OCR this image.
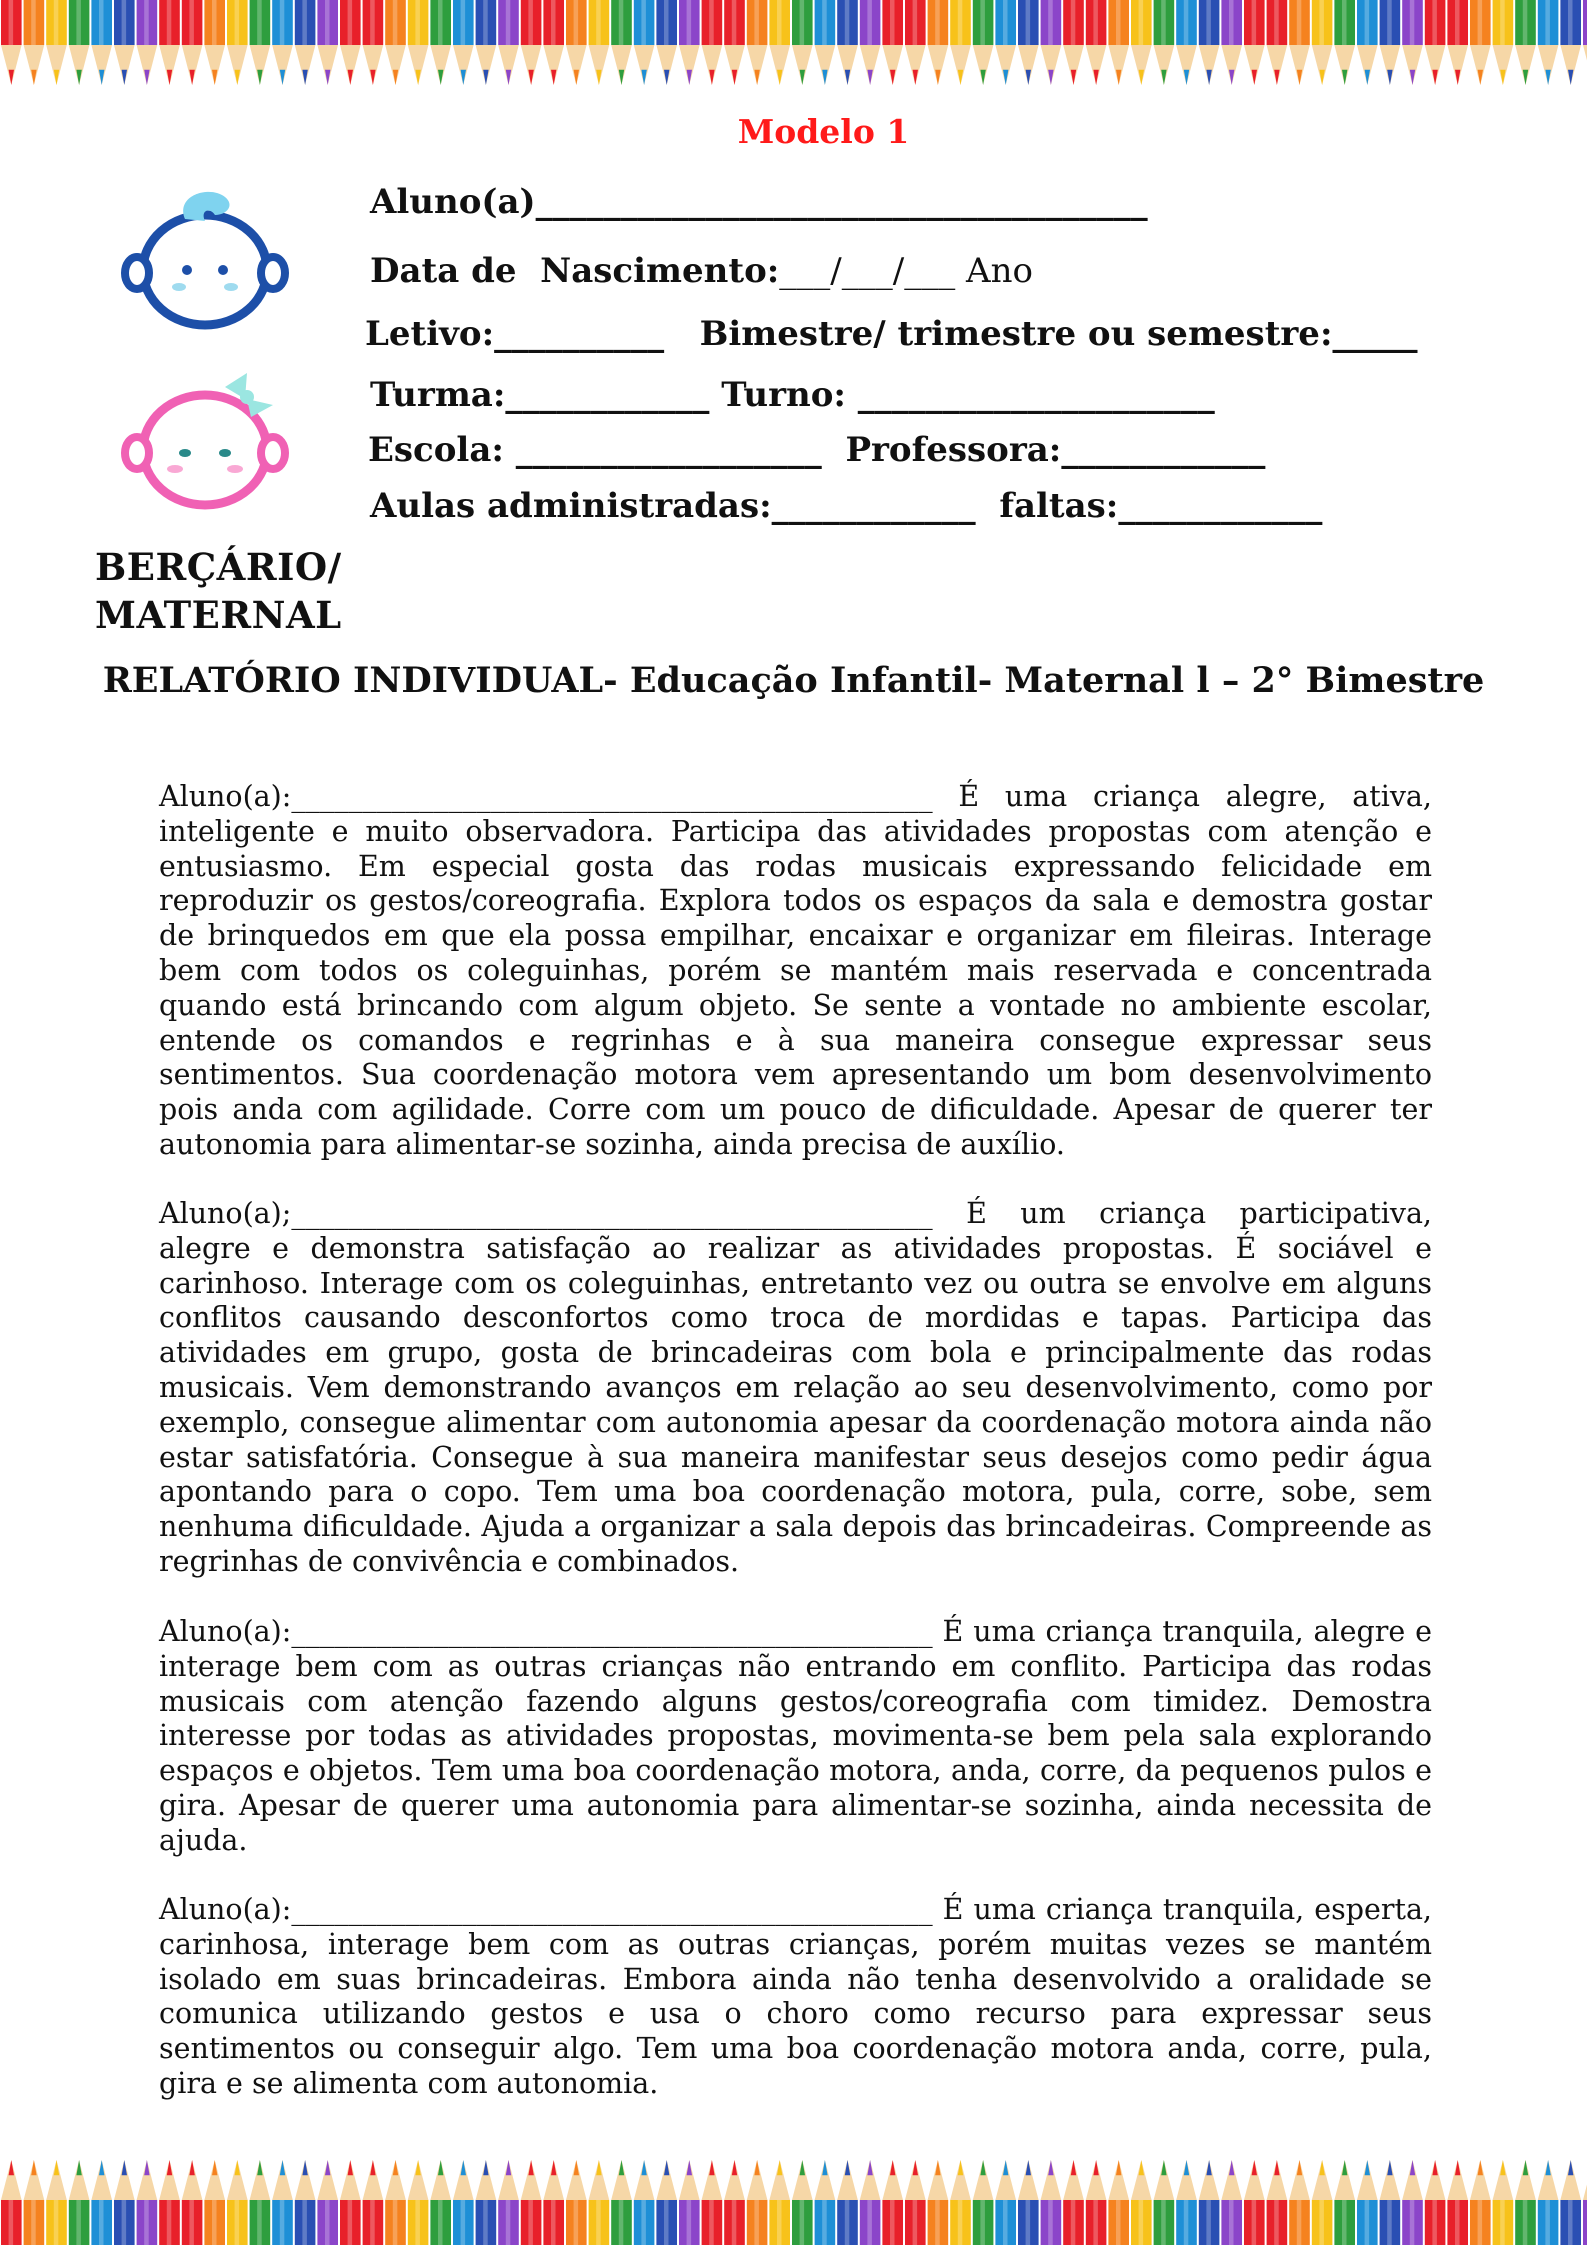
Modelo 1
BERÇÁRIO/
MATERNAL
Aluno(a)____________________________________
Data de  Nascimento:___/___/___ Ano
Letivo:__________   Bimestre/ trimestre ou semestre:_____
Turma:____________ Turno: _____________________
Escola: __________________  Professora:____________
Aulas administradas:____________  faltas:____________
RELATÓRIO INDIVIDUAL- Educação Infantil- Maternal l – 2° Bimestre
Aluno(a):_____________________________________________ É uma criança alegre, ativa, inteligente e muito observadora. Participa das atividades propostas com atenção e entusiasmo. Em especial gosta das rodas musicais expressando felicidade em reproduzir os gestos/coreografia. Explora todos os espaços da sala e demostra gostar de brinquedos em que ela possa empilhar, encaixar e organizar em fileiras. Interage bem com todos os coleguinhas, porém se mantém mais reservada e concentrada quando está brincando com algum objeto. Se sente a vontade no ambiente escolar, entende os comandos e regrinhas e à sua maneira consegue expressar seus sentimentos. Sua coordenação motora vem apresentando um bom desenvolvimento pois anda com agilidade. Corre com um pouco de dificuldade. Apesar de querer ter autonomia para alimentar-se sozinha, ainda precisa de auxílio.
Aluno(a);_____________________________________________ É um criança participativa, alegre e demonstra satisfação ao realizar as atividades propostas. É sociável e carinhoso. Interage com os coleguinhas, entretanto vez ou outra se envolve em alguns conflitos causando desconfortos como troca de mordidas e tapas. Participa das atividades em grupo, gosta de brincadeiras com bola e principalmente das rodas musicais. Vem demonstrando avanços em relação ao seu desenvolvimento, como por exemplo, consegue alimentar com autonomia apesar da coordenação motora ainda não estar satisfatória. Consegue à sua maneira manifestar seus desejos como pedir água apontando para o copo. Tem uma boa coordenação motora, pula, corre, sobe, sem nenhuma dificuldade. Ajuda a organizar a sala depois das brincadeiras. Compreende as regrinhas de convivência e combinados.
Aluno(a):_____________________________________________ É uma criança tranquila, alegre e interage bem com as outras crianças não entrando em conflito. Participa das rodas musicais com atenção fazendo alguns gestos/coreografia com timidez. Demostra interesse por todas as atividades propostas, movimenta-se bem pela sala explorando espaços e objetos. Tem uma boa coordenação motora, anda, corre, da pequenos pulos e gira. Apesar de querer uma autonomia para alimentar-se sozinha, ainda necessita de ajuda.
Aluno(a):_____________________________________________ É uma criança tranquila, esperta, carinhosa, interage bem com as outras crianças, porém muitas vezes se mantém isolado em suas brincadeiras. Embora ainda não tenha desenvolvido a oralidade se comunica utilizando gestos e usa o choro como recurso para expressar seus sentimentos ou conseguir algo. Tem uma boa coordenação motora anda, corre, pula, gira e se alimenta com autonomia.
